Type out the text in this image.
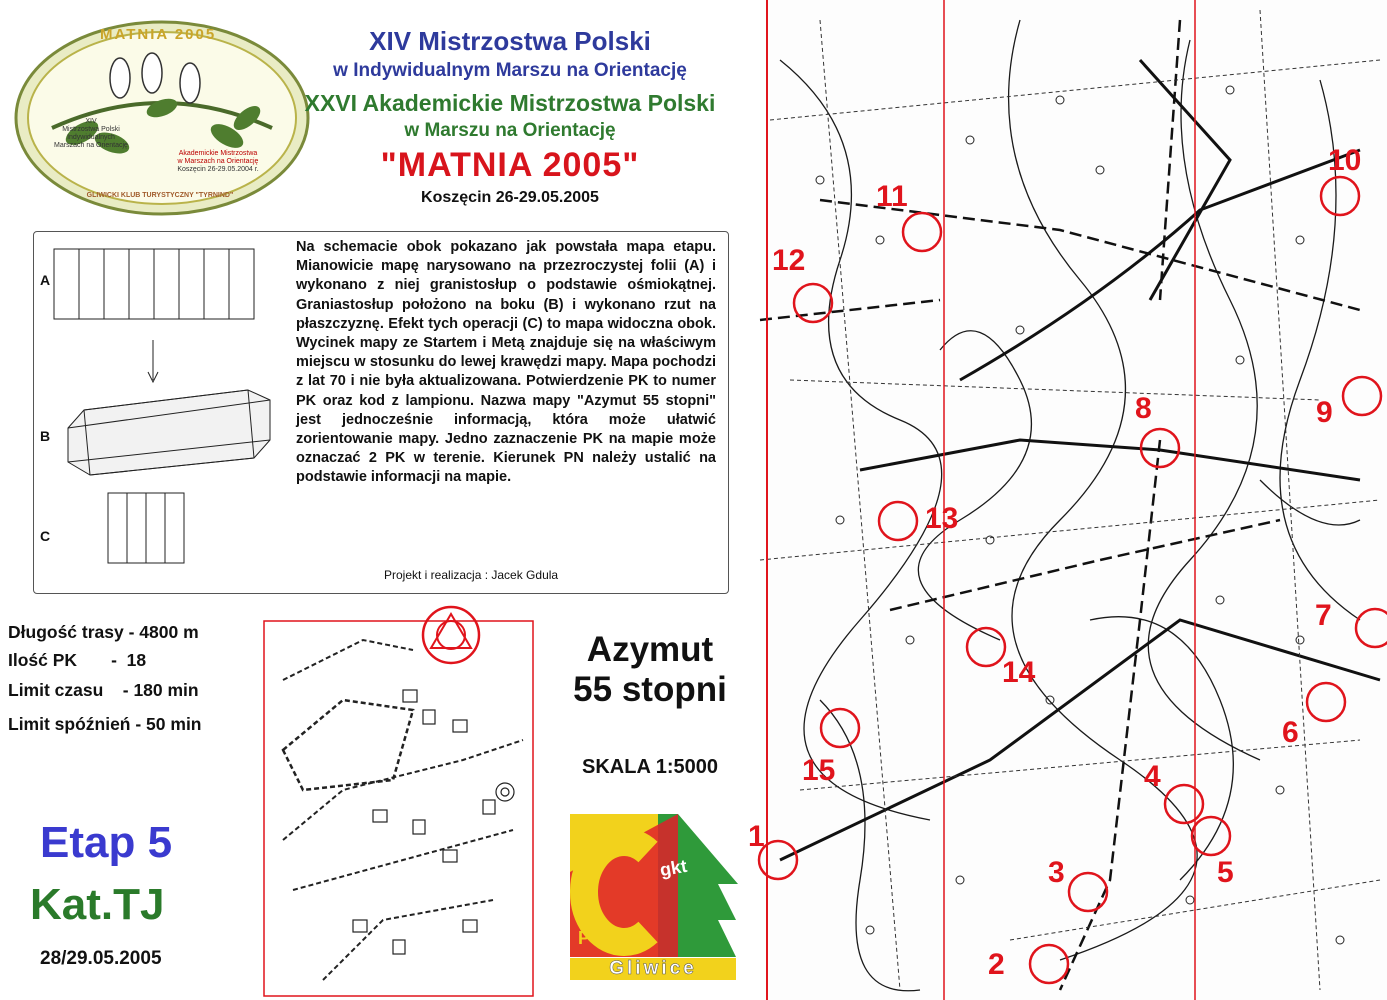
MATNIA 2005
XIV
Mistrzostwa Polski
Indywidualnych
Marszach na Orientację
Akademickie Mistrzostwa
w Marszach na Orientację
Koszęcin 26-29.05.2004 r.
GLIWICKI KLUB TURYSTYCZNY "TYRNIND"
XIV Mistrzostwa Polski
w Indywidualnym Marszu na Orientację
XXVI Akademickie Mistrzostwa Polski
w Marszu na Orientację
"MATNIA 2005"
Koszęcin 26-29.05.2005
A
B
C
Na schemacie obok pokazano jak powstała mapa etapu. Mianowicie mapę narysowano na przezroczystej folii (A) i wykonano z niej granistosłup o podstawie ośmiokątnej. Graniastosłup położono na boku (B) i wykonano rzut na płaszczyznę. Efekt tych operacji (C) to mapa widoczna obok. Wycinek mapy ze Startem i Metą znajduje się na właściwym miejscu w stosunku do lewej krawędzi mapy. Mapa pochodzi z lat 70 i nie była aktualizowana. Potwierdzenie PK to numer PK oraz kod z lampionu. Nazwa mapy "Azymut 55 stopni" jest jednocześnie informacją, która może ułatwić zorientowanie mapy. Jedno zaznaczenie PK na mapie może oznaczać 2 PK w terenie. Kierunek PN należy ustalić na podstawie informacji na mapie.
Projekt i realizacja : Jacek Gdula
Długość trasy - 4800 m
Ilość PK       -  18
Limit czasu    - 180 min
Limit spóźnień - 50 min
Etap 5
Kat.TJ
28/29.05.2005
Azymut
55 stopni
SKALA 1:5000
gkt
PTTK
Gliwice
1
2
3
4
5
6
7
8	9
10
11
12
13
14
15
